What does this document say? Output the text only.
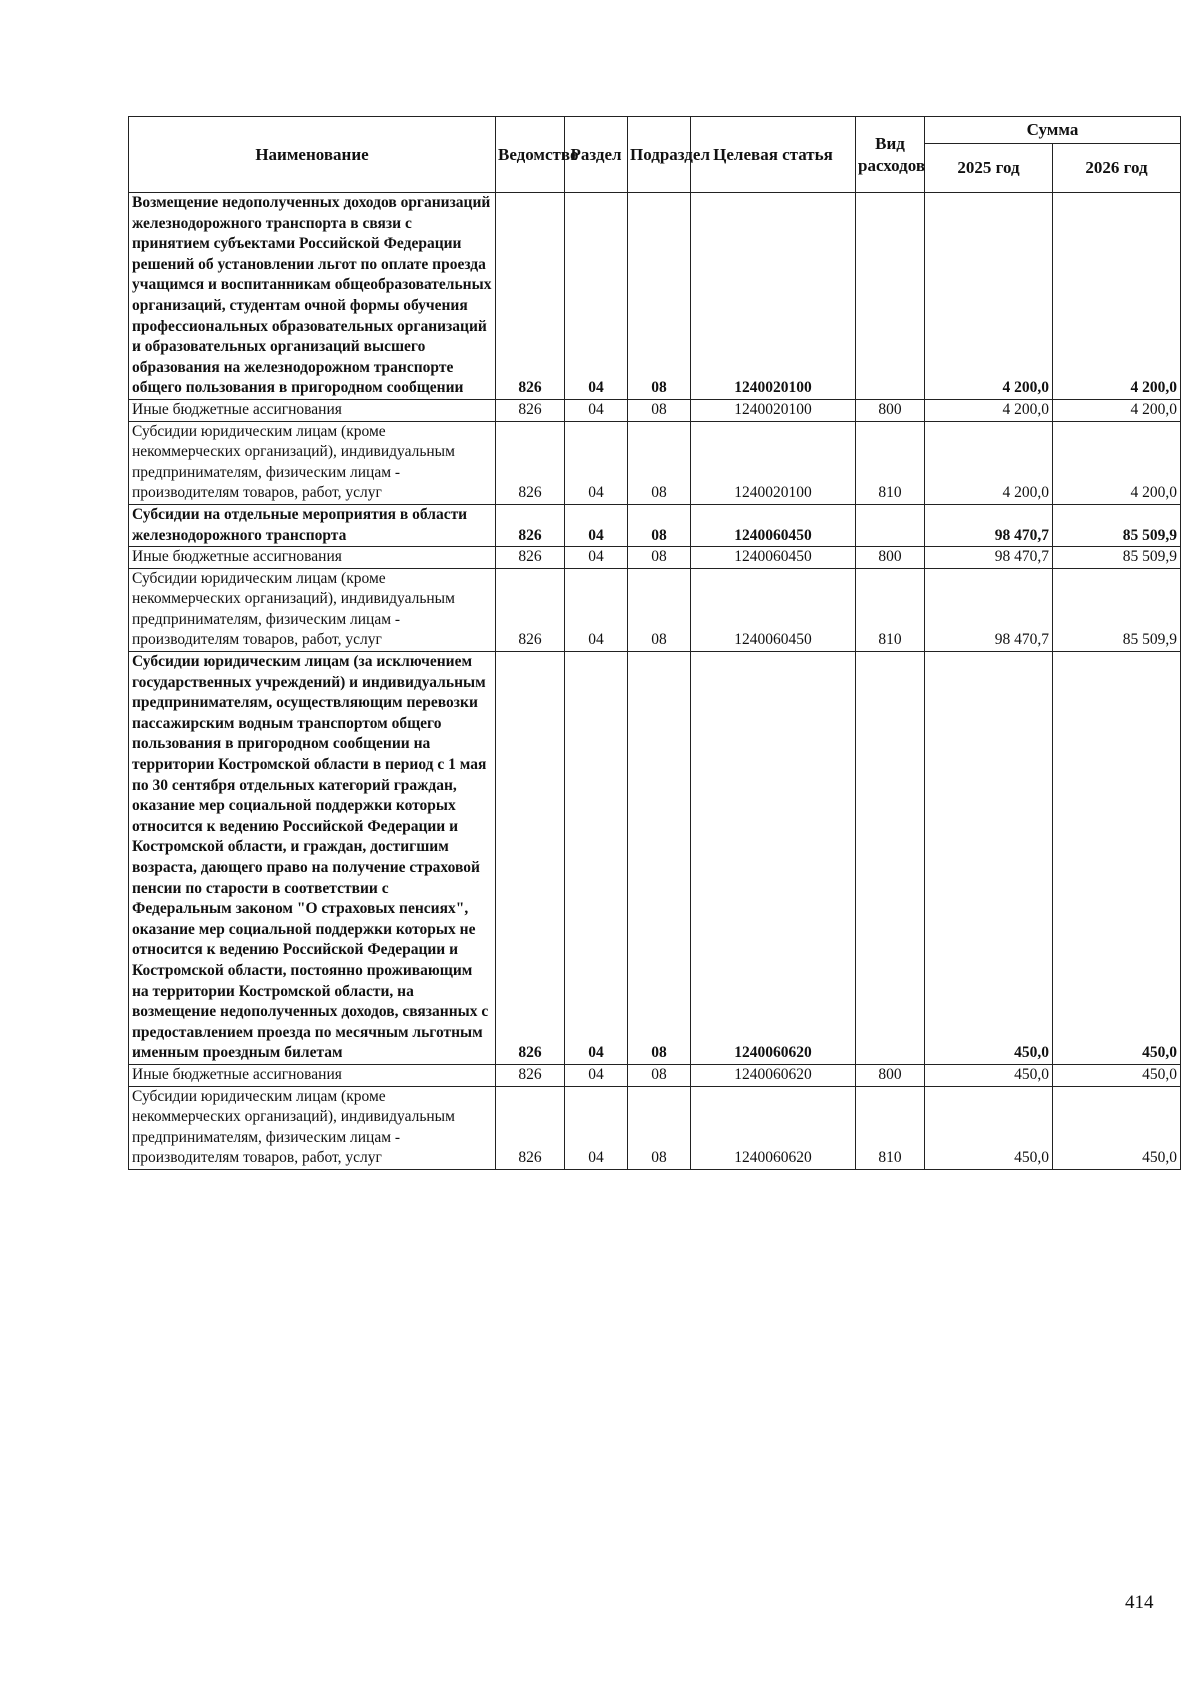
Наименование	Ведомство	Раздел	Подраздел	Целевая статья	Вид расходов	Сумма	
						2025 год	2026 год
Возмещение недополученных доходов организаций железнодорожного транспорта в связи с принятием субъектами Российской Федерации решений об установлении льгот по оплате проезда учащимся и воспитанникам общеобразовательных организаций, студентам очной формы обучения профессиональных образовательных организаций и образовательных организаций высшего образования на железнодорожном транспорте общего пользования в пригородном сообщении	826	04	08	1240020100		4 200,0	4 200,0
Иные бюджетные ассигнования	826	04	08	1240020100	800	4 200,0	4 200,0
Субсидии юридическим лицам (кроме некоммерческих организаций), индивидуальным предпринимателям, физическим лицам - производителям товаров, работ, услуг	826	04	08	1240020100	810	4 200,0	4 200,0
Субсидии на отдельные мероприятия в области железнодорожного транспорта	826	04	08	1240060450		98 470,7	85 509,9
Иные бюджетные ассигнования	826	04	08	1240060450	800	98 470,7	85 509,9
Субсидии юридическим лицам (кроме некоммерческих организаций), индивидуальным предпринимателям, физическим лицам - производителям товаров, работ, услуг	826	04	08	1240060450	810	98 470,7	85 509,9
Субсидии юридическим лицам (за исключением государственных учреждений) и индивидуальным предпринимателям, осуществляющим перевозки пассажирским водным транспортом общего пользования в пригородном сообщении на территории Костромской области в период с 1 мая по 30 сентября отдельных категорий граждан, оказание мер социальной поддержки которых относится к ведению Российской Федерации и Костромской области, и граждан, достигшим возраста, дающего право на получение страховой пенсии по старости в соответствии с Федеральным законом "О страховых пенсиях", оказание мер социальной поддержки которых не относится к ведению Российской Федерации и Костромской области, постоянно проживающим на территории Костромской области, на возмещение недополученных доходов, связанных с предоставлением проезда по месячным льготным именным проездным билетам	826	04	08	1240060620		450,0	450,0
Иные бюджетные ассигнования	826	04	08	1240060620	800	450,0	450,0
Субсидии юридическим лицам (кроме некоммерческих организаций), индивидуальным предпринимателям, физическим лицам - производителям товаров, работ, услуг	826	04	08	1240060620	810	450,0	450,0
414
